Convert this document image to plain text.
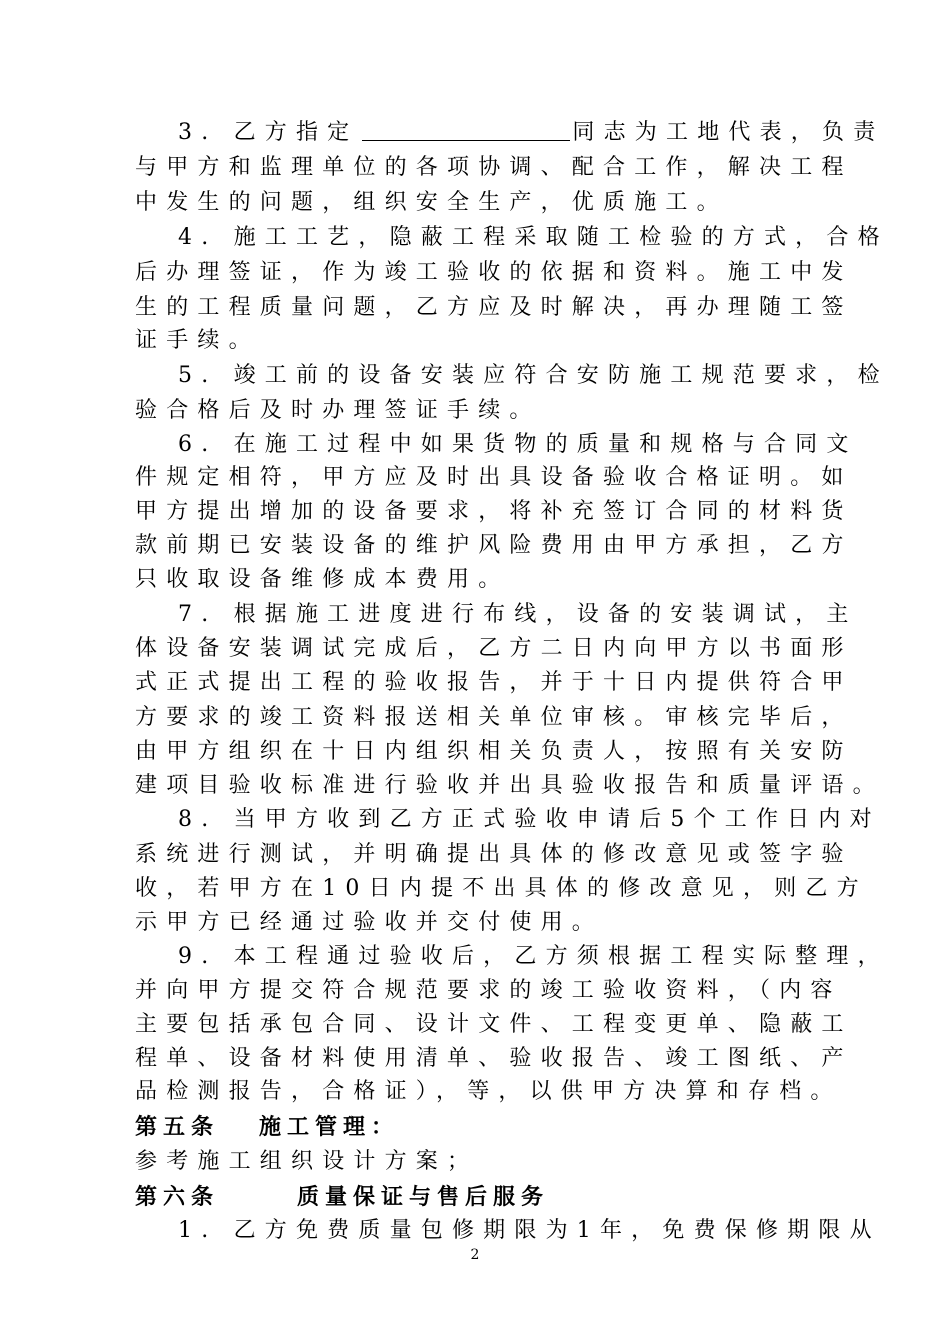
3. 乙方指定	同志为工地代表，负责
与甲方和监理单位的各项协调、配合工作，解决工程
中发生的问题，组织安全生产，优质施工。
4. 施工工艺，隐蔽工程采取随工检验的方式，合格
后办理签证，作为竣工验收的依据和资料。施工中发
生的工程质量问题，乙方应及时解决，再办理随工签
证手续。
5. 竣工前的设备安装应符合安防施工规范要求，检
验合格后及时办理签证手续。
6. 在施工过程中如果货物的质量和规格与合同文
件规定相符，甲方应及时出具设备验收合格证明。如
甲方提出增加的设备要求，将补充签订合同的材料货
款前期已安装设备的维护风险费用由甲方承担，乙方
只收取设备维修成本费用。
7. 根据施工进度进行布线，设备的安装调试，主
体设备安装调试完成后，乙方二日内向甲方以书面形
式正式提出工程的验收报告，并于十日内提供符合甲
方要求的竣工资料报送相关单位审核。审核完毕后，
由甲方组织在十日内组织相关负责人，按照有关安防
建项目验收标准进行验收并出具验收报告和质量评语。
8. 当甲方收到乙方正式验收申请后5个工作日内对
系统进行测试，并明确提出具体的修改意见或签字验
收，若甲方在10日内提不出具体的修改意见，则乙方
示甲方已经通过验收并交付使用。
9. 本工程通过验收后，乙方须根据工程实际整理，
并向甲方提交符合规范要求的竣工验收资料，（内容
主要包括承包合同、设计文件、工程变更单、隐蔽工
程单、设备材料使用清单、验收报告、竣工图纸、产
品检测报告，合格证），等，以供甲方决算和存档。
第五条 施工管理：
参考施工组织设计方案；
第六条	质量保证与售后服务
1. 乙方免费质量包修期限为1年，免费保修期限从
2
